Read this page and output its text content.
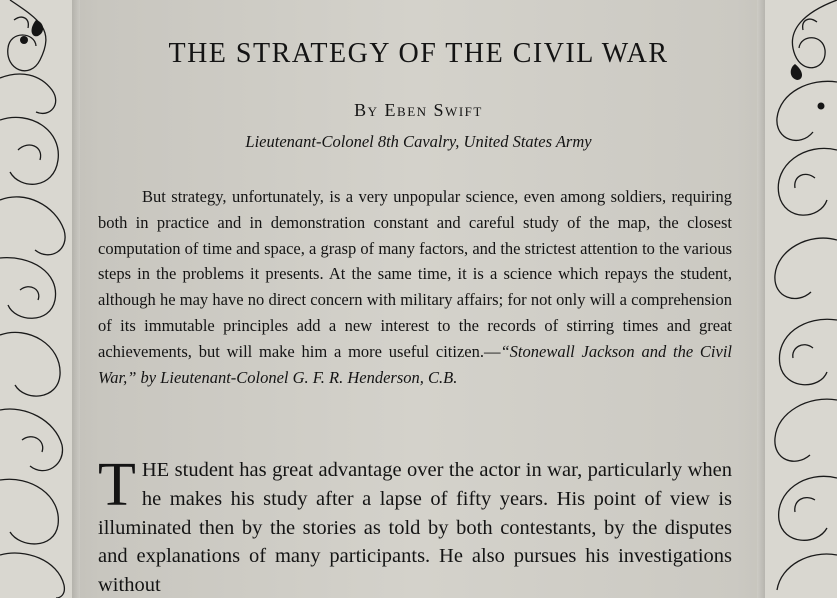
THE STRATEGY OF THE CIVIL WAR
By Eben Swift
Lieutenant-Colonel 8th Cavalry, United States Army
But strategy, unfortunately, is a very unpopular science, even among soldiers, requiring both in practice and in demonstration constant and careful study of the map, the closest computation of time and space, a grasp of many factors, and the strictest attention to the various steps in the problems it presents. At the same time, it is a science which repays the student, although he may have no direct concern with military affairs; for not only will a comprehension of its immutable principles add a new interest to the records of stirring times and great achievements, but will make him a more useful citizen.—“Stonewall Jackson and the Civil War,” by Lieutenant-Colonel G. F. R. Henderson, C.B.
THE student has great advantage over the actor in war, particularly when he makes his study after a lapse of fifty years. His point of view is illuminated then by the stories as told by both contestants, by the disputes and explanations of many participants. He also pursues his investigations without
